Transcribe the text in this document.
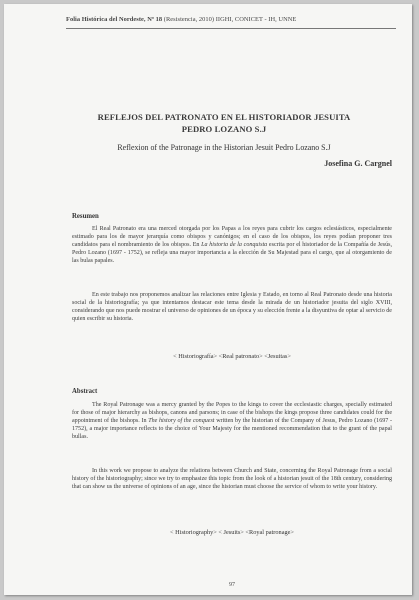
Folia Histórica del Nordeste, Nº 18 (Resistencia, 2010) IIGHI, CONICET - IH, UNNE
REFLEJOS DEL PATRONATO EN EL HISTORIADOR JESUITA
PEDRO LOZANO S.J
Reflexion of the Patronage in the Historian Jesuit Pedro Lozano S.J
Josefina G. Cargnel
Resumen

El Real Patronato era una merced otorgada por los Papas a los reyes para cubrir los cargos eclesiásticos, especialmente estimado para los de mayor jerarquía como obispos y canónigos; en el caso de los obispos, los reyes podían proponer tres candidatos para el nombramiento de los obispos. En La historia de la conquista escrita por el historiador de la Compañía de Jesús, Pedro Lozano (1697 - 1752), se refleja una mayor importancia a la elección de Su Majestad para el cargo, que al otorgamiento de las bulas papales.

En este trabajo nos proponemos analizar las relaciones entre Iglesia y Estado, en torno al Real Patronato desde una historia social de la historiografía; ya que intentamos destacar este tema desde la mirada de un historiador jesuita del siglo XVIII, considerando que nos puede mostrar el universo de opiniones de un época y su elección frente a la disyuntiva de optar al servicio de quien escribir su historia.

< Historiografía> <Real patronato> <Jesuitas>
Abstract

The Royal Patronage was a mercy granted by the Popes to the kings to cover the ecclesiastic charges, specially estimated for those of major hierarchy as bishops, canons and parsons; in case of the bishops the kings propose three candidates could for the appointment of the bishops. In The history of the conquest written by the historian of the Company of Jesus, Pedro Lozano (1697 - 1752), a major importance reflects to the choice of Your Majesty for the mentioned recommendation that to the grant of the papal bullas.

In this work we propose to analyze the relations between Church and State, concerning the Royal Patronage from a social history of the historiography; since we try to emphasize this topic from the look of a historian jesuit of the 18th century, considering that can show us the universe of opinions of an age, since the historian must choose the service of whom to write your history.

< Historiography> < Jesuits> <Royal patronage>
97
